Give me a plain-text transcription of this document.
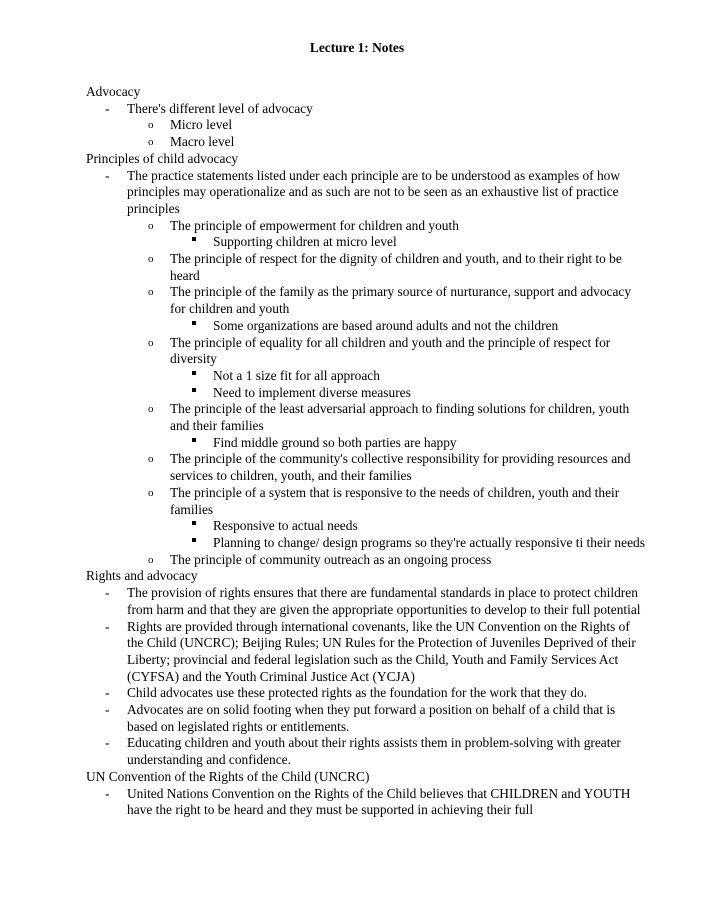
Lecture 1: Notes
Advocacy
- There's different level of advocacy
o Micro level
o Macro level
Principles of child advocacy
- The practice statements listed under each principle are to be understood as examples of how principles may operationalize and as such are not to be seen as an exhaustive list of practice principles
o The principle of empowerment for children and youth
Supporting children at micro level
o The principle of respect for the dignity of children and youth, and to their right to be heard
o The principle of the family as the primary source of nurturance, support and advocacy for children and youth
Some organizations are based around adults and not the children
o The principle of equality for all children and youth and the principle of respect for diversity
Not a 1 size fit for all approach
Need to implement diverse measures
o The principle of the least adversarial approach to finding solutions for children, youth and their families
Find middle ground so both parties are happy
o The principle of the community's collective responsibility for providing resources and services to children, youth, and their families
o The principle of a system that is responsive to the needs of children, youth and their families
Responsive to actual needs
Planning to change/ design programs so they're actually responsive ti their needs
o The principle of community outreach as an ongoing process
Rights and advocacy
- The provision of rights ensures that there are fundamental standards in place to protect children from harm and that they are given the appropriate opportunities to develop to their full potential
- Rights are provided through international covenants, like the UN Convention on the Rights of the Child (UNCRC); Beijing Rules; UN Rules for the Protection of Juveniles Deprived of their Liberty; provincial and federal legislation such as the Child, Youth and Family Services Act (CYFSA) and the Youth Criminal Justice Act (YCJA)
- Child advocates use these protected rights as the foundation for the work that they do.
- Advocates are on solid footing when they put forward a position on behalf of a child that is based on legislated rights or entitlements.
- Educating children and youth about their rights assists them in problem-solving with greater understanding and confidence.
UN Convention of the Rights of the Child (UNCRC)
- United Nations Convention on the Rights of the Child believes that CHILDREN and YOUTH have the right to be heard and they must be supported in achieving their full
